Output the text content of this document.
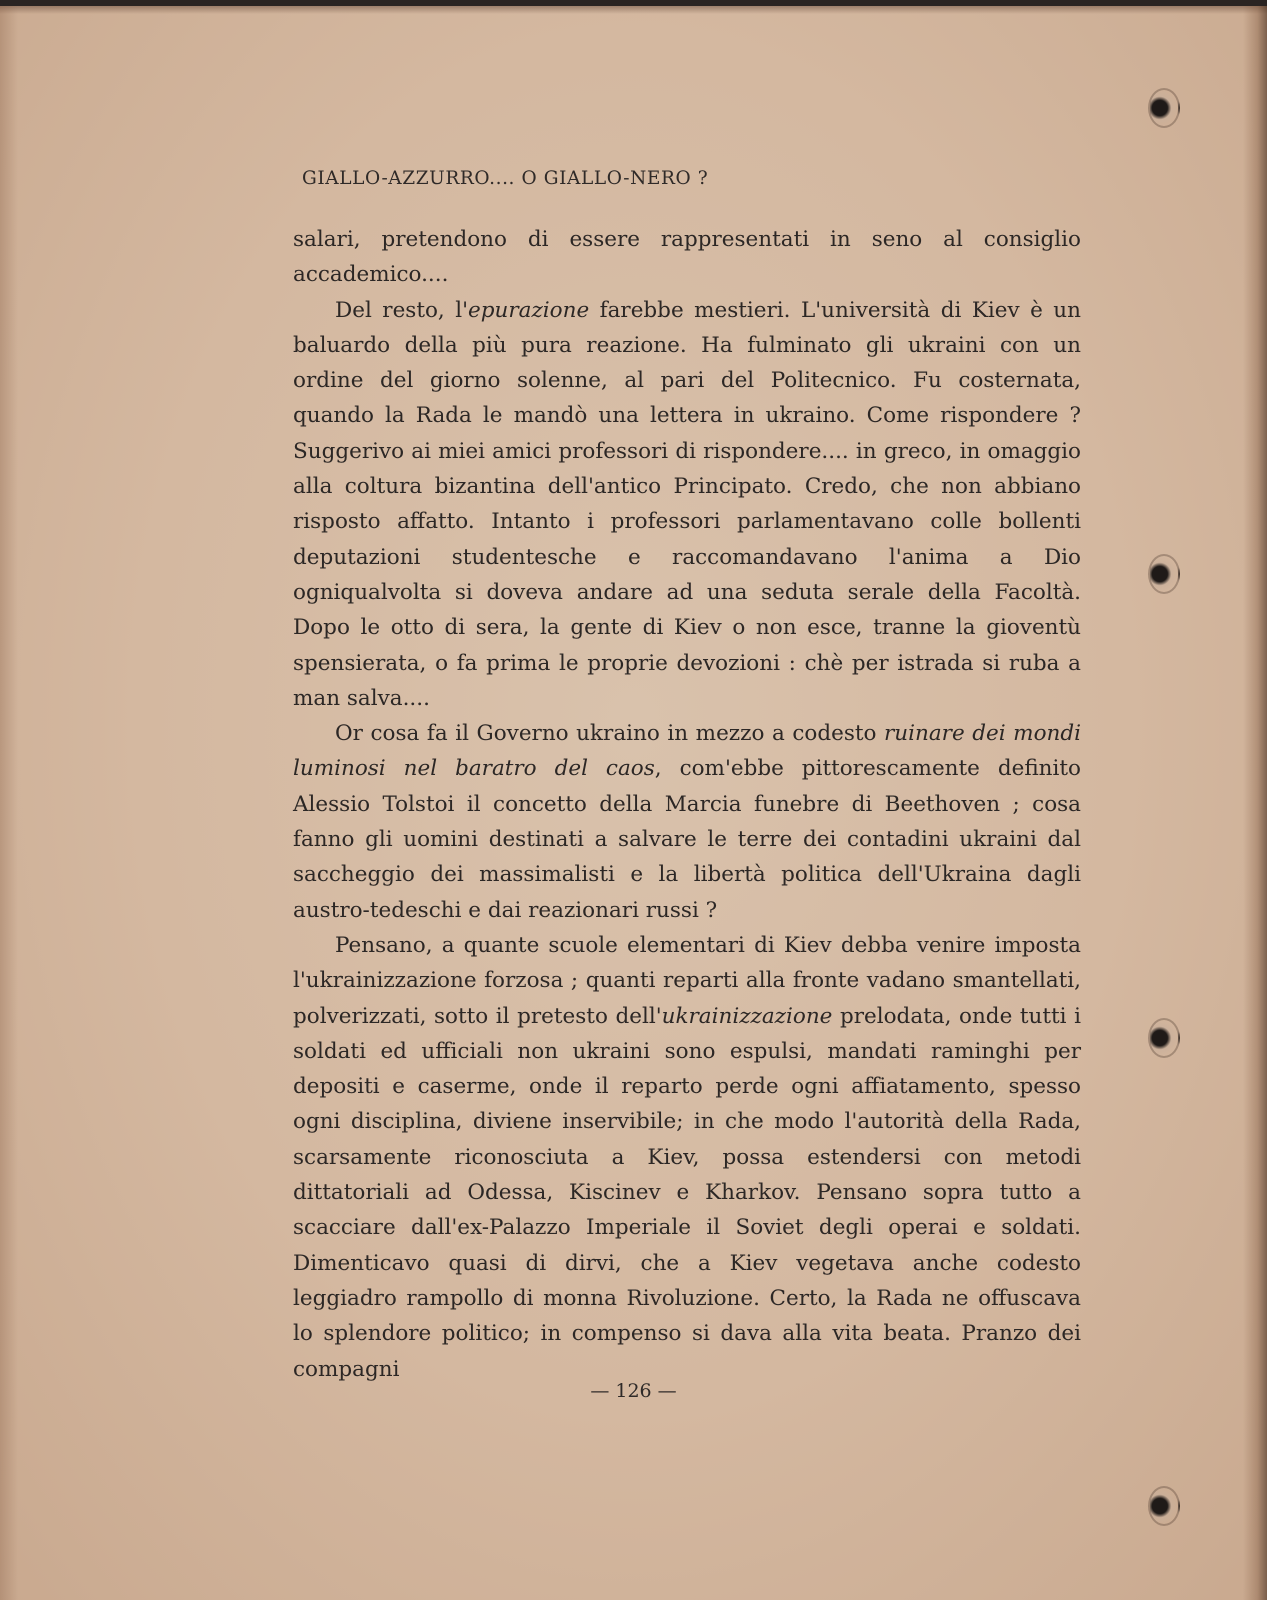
GIALLO-AZZURRO.... O GIALLO-NERO ?

salari, pretendono di essere rappresentati in seno al consiglio accademico....

Del resto, l'epurazione farebbe mestieri. L'università di Kiev è un baluardo della più pura reazione. Ha fulminato gli ukraini con un ordine del giorno solenne, al pari del Politecnico. Fu costernata, quando la Rada le mandò una lettera in ukraino. Come rispondere ? Suggerivo ai miei amici professori di rispondere.... in greco, in omaggio alla coltura bizantina dell'antico Principato. Credo, che non abbiano risposto affatto. Intanto i professori parlamentavano colle bollenti deputazioni studentesche e raccomandavano l'anima a Dio ogniqualvolta si doveva andare ad una seduta serale della Facoltà. Dopo le otto di sera, la gente di Kiev o non esce, tranne la gioventù spensierata, o fa prima le proprie devozioni : chè per istrada si ruba a man salva....

Or cosa fa il Governo ukraino in mezzo a codesto ruinare dei mondi luminosi nel baratro del caos, com'ebbe pittorescamente definito Alessio Tolstoi il concetto della Marcia funebre di Beethoven ; cosa fanno gli uomini destinati a salvare le terre dei contadini ukraini dal saccheggio dei massimalisti e la libertà politica dell'Ukraina dagli austro-tedeschi e dai reazionari russi ?

Pensano, a quante scuole elementari di Kiev debba venire imposta l'ukrainizzazione forzosa ; quanti reparti alla fronte vadano smantellati, polverizzati, sotto il pretesto dell'ukrainizzazione prelodata, onde tutti i soldati ed ufficiali non ukraini sono espulsi, mandati raminghi per depositi e caserme, onde il reparto perde ogni affiatamento, spesso ogni disciplina, diviene inservibile; in che modo l'autorità della Rada, scarsamente riconosciuta a Kiev, possa estendersi con metodi dittatoriali ad Odessa, Kiscinev e Kharkov. Pensano sopra tutto a scacciare dall'ex-Palazzo Imperiale il Soviet degli operai e soldati. Dimenticavo quasi di dirvi, che a Kiev vegetava anche codesto leggiadro rampollo di monna Rivoluzione. Certo, la Rada ne offuscava lo splendore politico; in compenso si dava alla vita beata. Pranzo dei compagni

— 126 —
